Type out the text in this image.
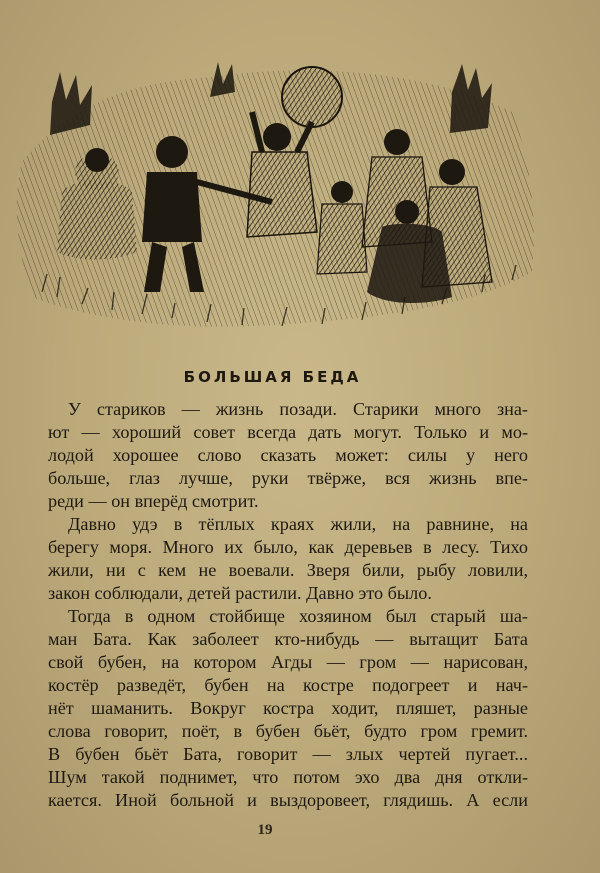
БОЛЬШАЯ БЕДА
У стариков — жизнь позади. Старики много зна-
ют — хороший совет всегда дать могут. Только и мо-
лодой хорошее слово сказать может: силы у него
больше, глаз лучше, руки твёрже, вся жизнь впе-
реди — он вперёд смотрит.
Давно удэ в тёплых краях жили, на равнине, на
берегу моря. Много их было, как деревьев в лесу. Тихо
жили, ни с кем не воевали. Зверя били, рыбу ловили,
закон соблюдали, детей растили. Давно это было.
Тогда в одном стойбище хозяином был старый ша-
ман Бата. Как заболеет кто-нибудь — вытащит Бата
свой бубен, на котором Агды — гром — нарисован,
костёр разведёт, бубен на костре подогреет и нач-
нёт шаманить. Вокруг костра ходит, пляшет, разные
слова говорит, поёт, в бубен бьёт, будто гром гремит.
В бубен бьёт Бата, говорит — злых чертей пугает...
Шум такой поднимет, что потом эхо два дня откли-
кается. Иной больной и выздоровеет, глядишь. А если
19
